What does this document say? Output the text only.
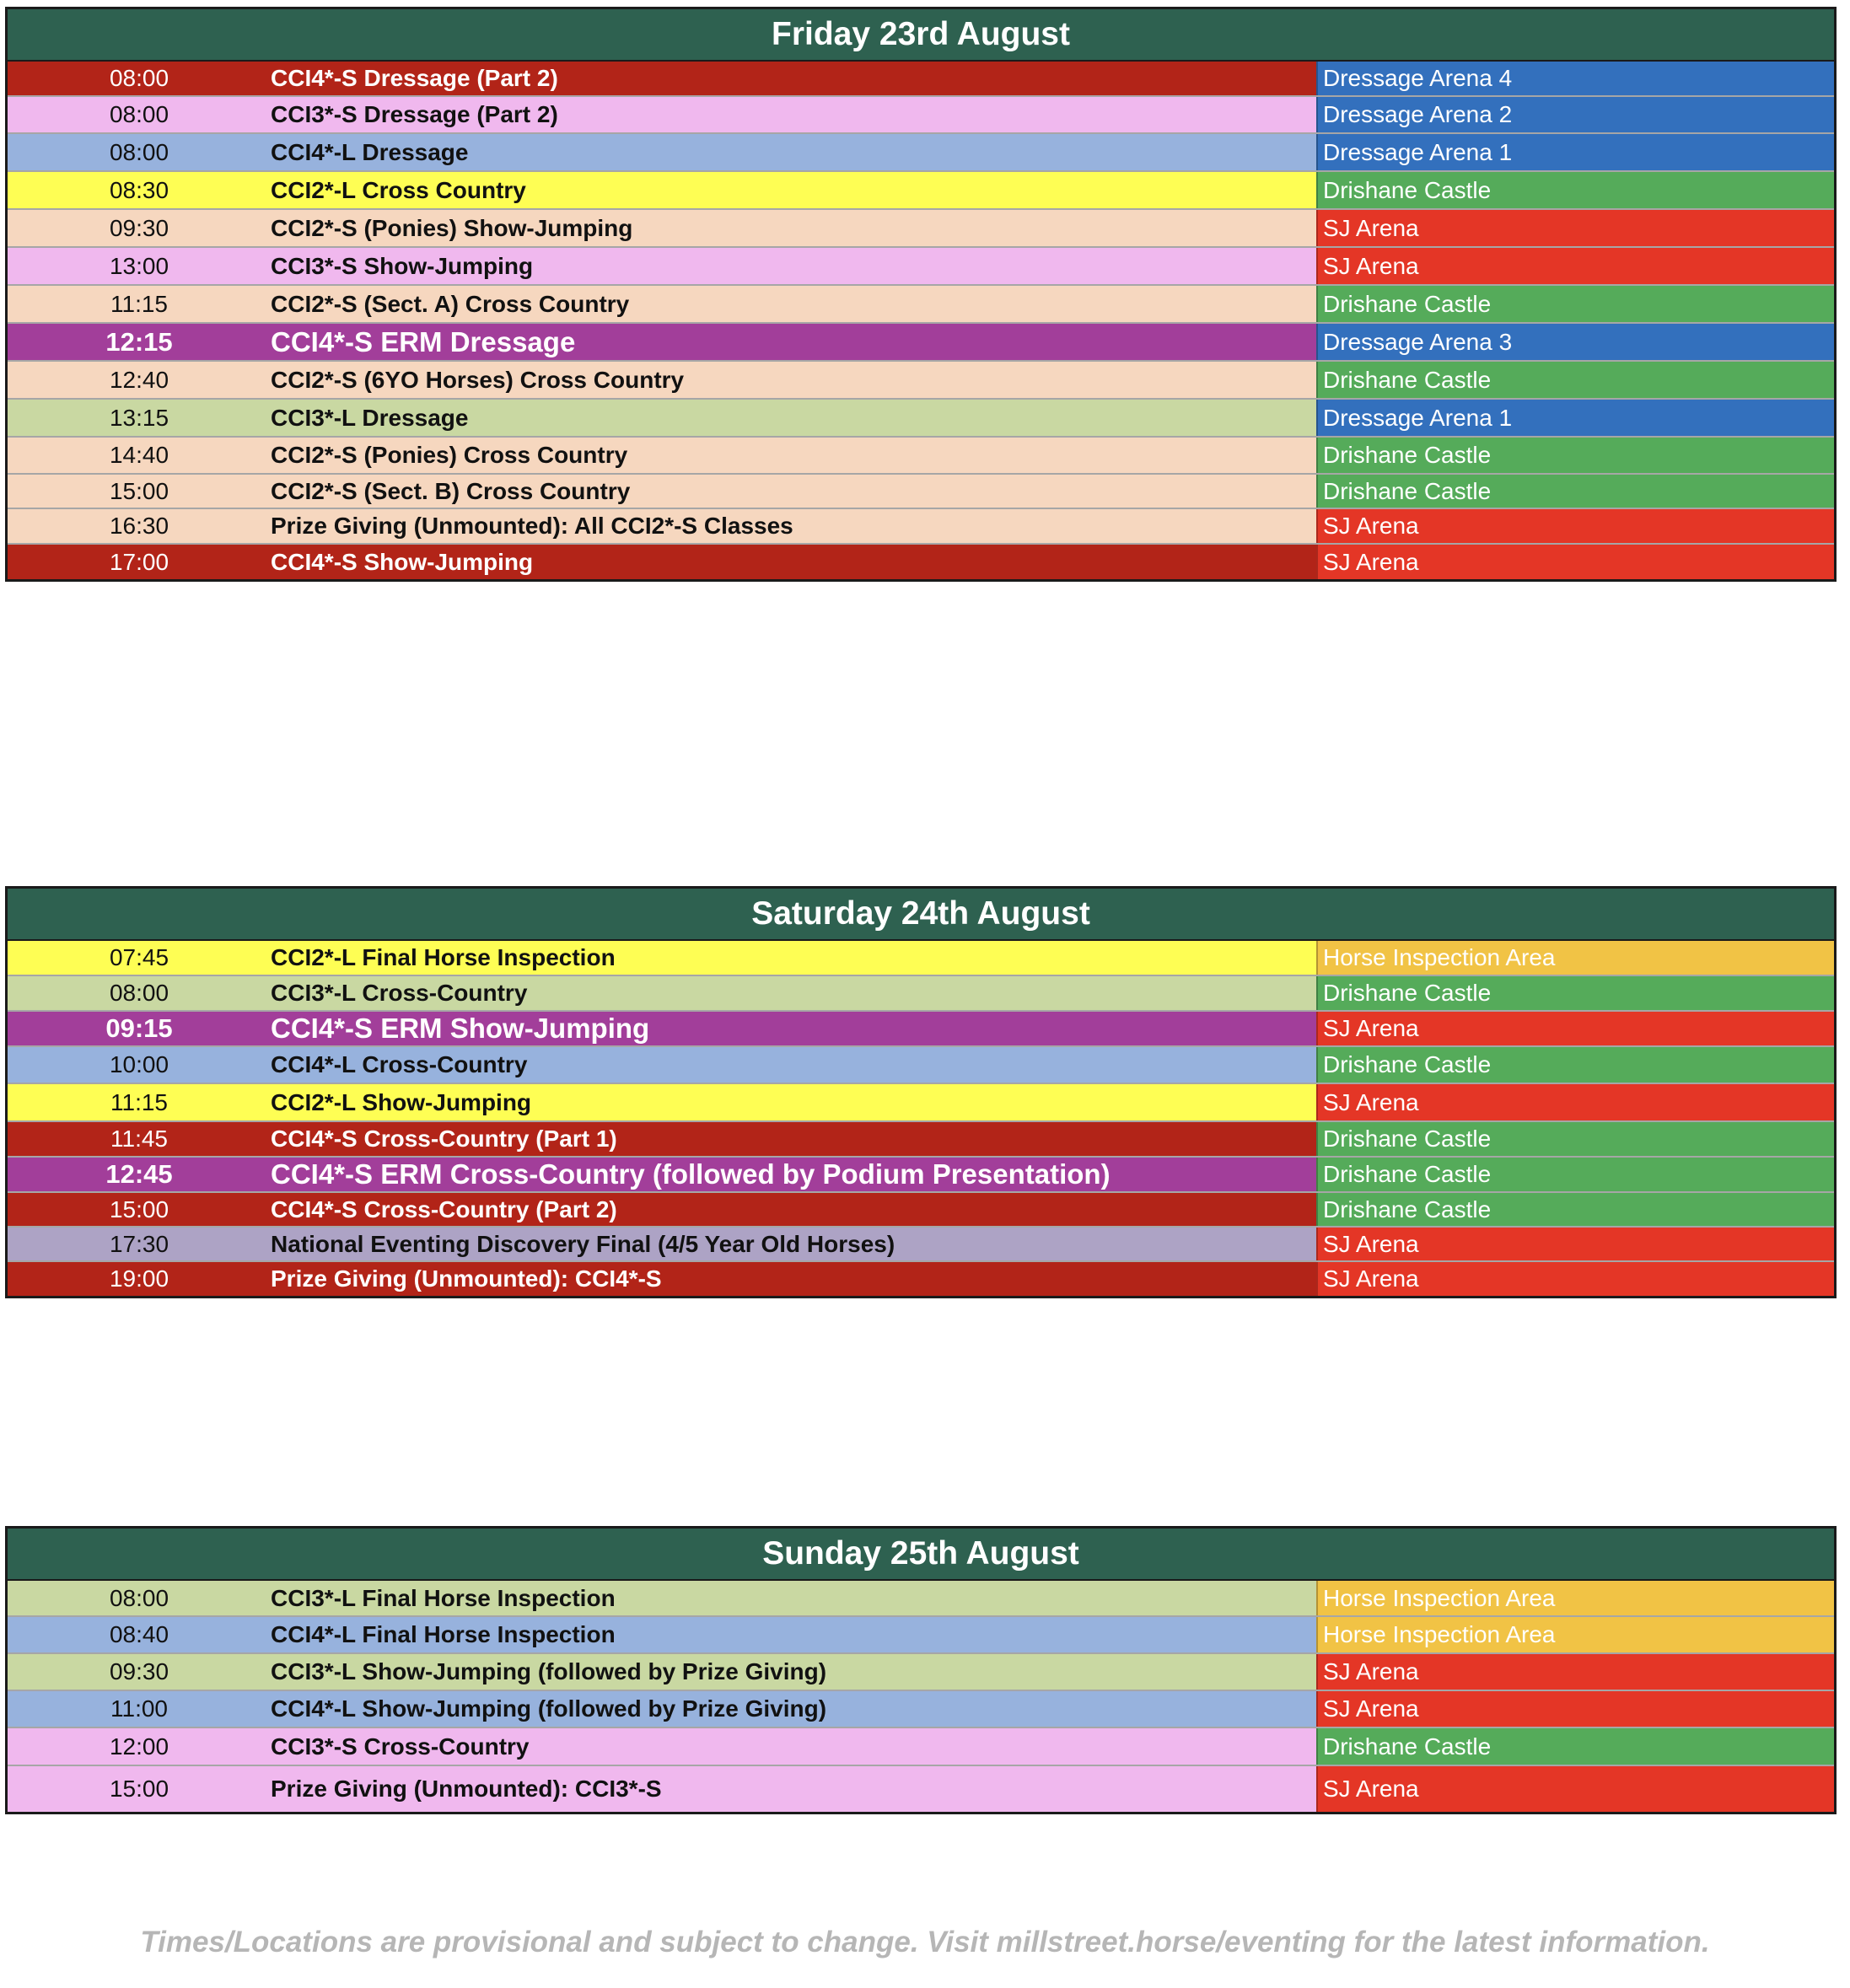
Friday 23rd August
08:00	CCI4*-S Dressage (Part 2)	Dressage Arena 4
08:00	CCI3*-S Dressage (Part 2)	Dressage Arena 2
08:00	CCI4*-L Dressage	Dressage Arena 1
08:30	CCI2*-L Cross Country	Drishane Castle
09:30	CCI2*-S (Ponies) Show-Jumping	SJ Arena
13:00	CCI3*-S Show-Jumping	SJ Arena
11:15	CCI2*-S (Sect. A) Cross Country	Drishane Castle
12:15	CCI4*-S ERM Dressage	Dressage Arena 3
12:40	CCI2*-S (6YO Horses) Cross Country	Drishane Castle
13:15	CCI3*-L Dressage	Dressage Arena 1
14:40	CCI2*-S (Ponies) Cross Country	Drishane Castle
15:00	CCI2*-S (Sect. B) Cross Country	Drishane Castle
16:30	Prize Giving (Unmounted): All CCI2*-S Classes	SJ Arena
17:00	CCI4*-S Show-Jumping	SJ Arena
Saturday 24th August
07:45	CCI2*-L Final Horse Inspection	Horse Inspection Area
08:00	CCI3*-L Cross-Country	Drishane Castle
09:15	CCI4*-S ERM Show-Jumping	SJ Arena
10:00	CCI4*-L Cross-Country	Drishane Castle
11:15	CCI2*-L Show-Jumping	SJ Arena
11:45	CCI4*-S Cross-Country (Part 1)	Drishane Castle
12:45	CCI4*-S ERM Cross-Country (followed by Podium Presentation)	Drishane Castle
15:00	CCI4*-S Cross-Country (Part 2)	Drishane Castle
17:30	National Eventing Discovery Final (4/5 Year Old Horses)	SJ Arena
19:00	Prize Giving (Unmounted): CCI4*-S	SJ Arena
Sunday 25th August
08:00	CCI3*-L Final Horse Inspection	Horse Inspection Area
08:40	CCI4*-L Final Horse Inspection	Horse Inspection Area
09:30	CCI3*-L Show-Jumping (followed by Prize Giving)	SJ Arena
11:00	CCI4*-L Show-Jumping (followed by Prize Giving)	SJ Arena
12:00	CCI3*-S Cross-Country	Drishane Castle
15:00	Prize Giving (Unmounted): CCI3*-S	SJ Arena
Times/Locations are provisional and subject to change. Visit millstreet.horse/eventing for the latest information.
